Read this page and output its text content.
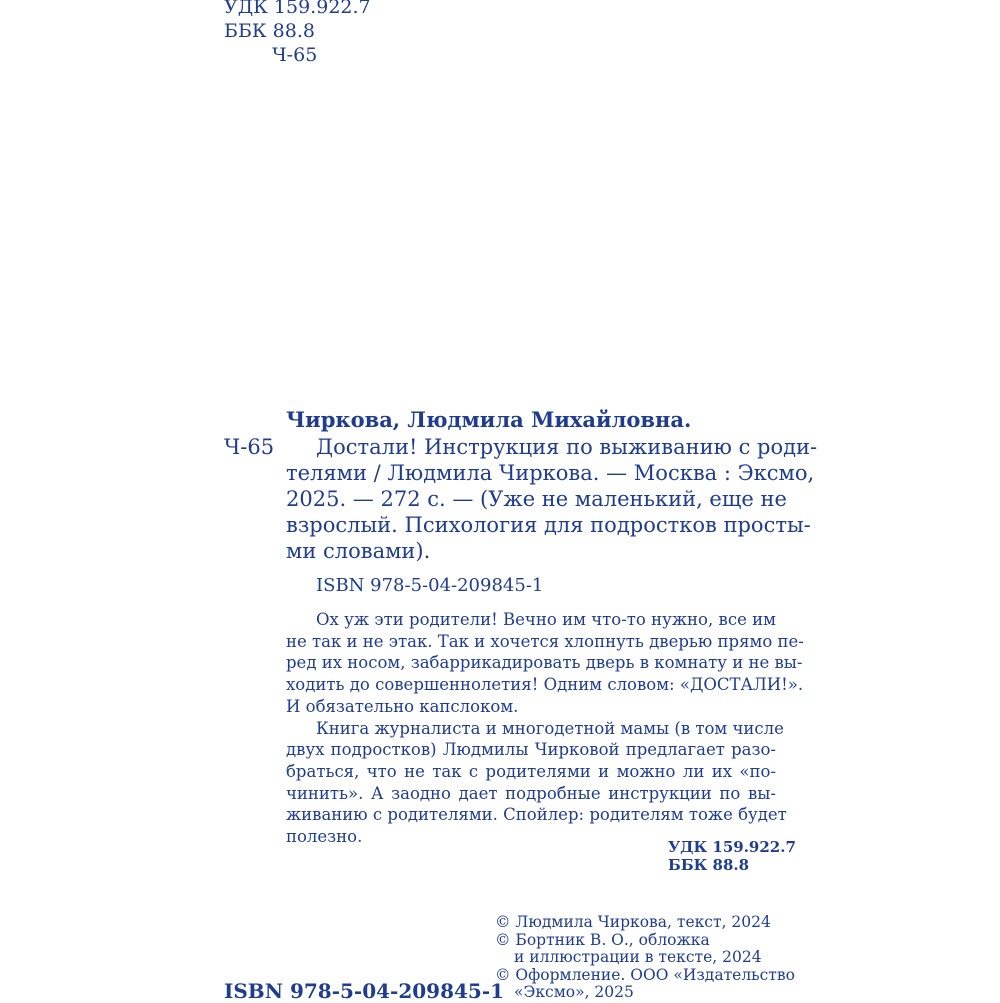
УДК 159.922.7
ББК 88.8
Ч-65
Чиркова, Людмила Михайловна.
Ч-65	Достали! Инструкция по выживанию с роди-
телями / Людмила Чиркова. — Москва : Эксмо,
2025. — 272 с. — (Уже не маленький, еще не
взрослый. Психология для подростков просты-
ми словами).
ISBN 978-5-04-209845-1
Ох уж эти родители! Вечно им что-то нужно, все им
не так и не этак. Так и хочется хлопнуть дверью прямо пе-
ред их носом, забаррикадировать дверь в комнату и не вы-
ходить до совершеннолетия! Одним словом: «ДОСТАЛИ!».
И обязательно капслоком.
Книга журналиста и многодетной мамы (в том числе
двух подростков) Людмилы Чирковой предлагает разо-
браться, что не так с родителями и можно ли их «по-
чинить». А заодно дает подробные инструкции по вы-
живанию с родителями. Спойлер: родителям тоже будет
полезно.
УДК 159.922.7
ББК 88.8
© Людмила Чиркова, текст, 2024
© Бортник В. О., обложка
и иллюстрации в тексте, 2024
© Оформление. ООО «Издательство
«Эксмо», 2025
ISBN 978-5-04-209845-1
